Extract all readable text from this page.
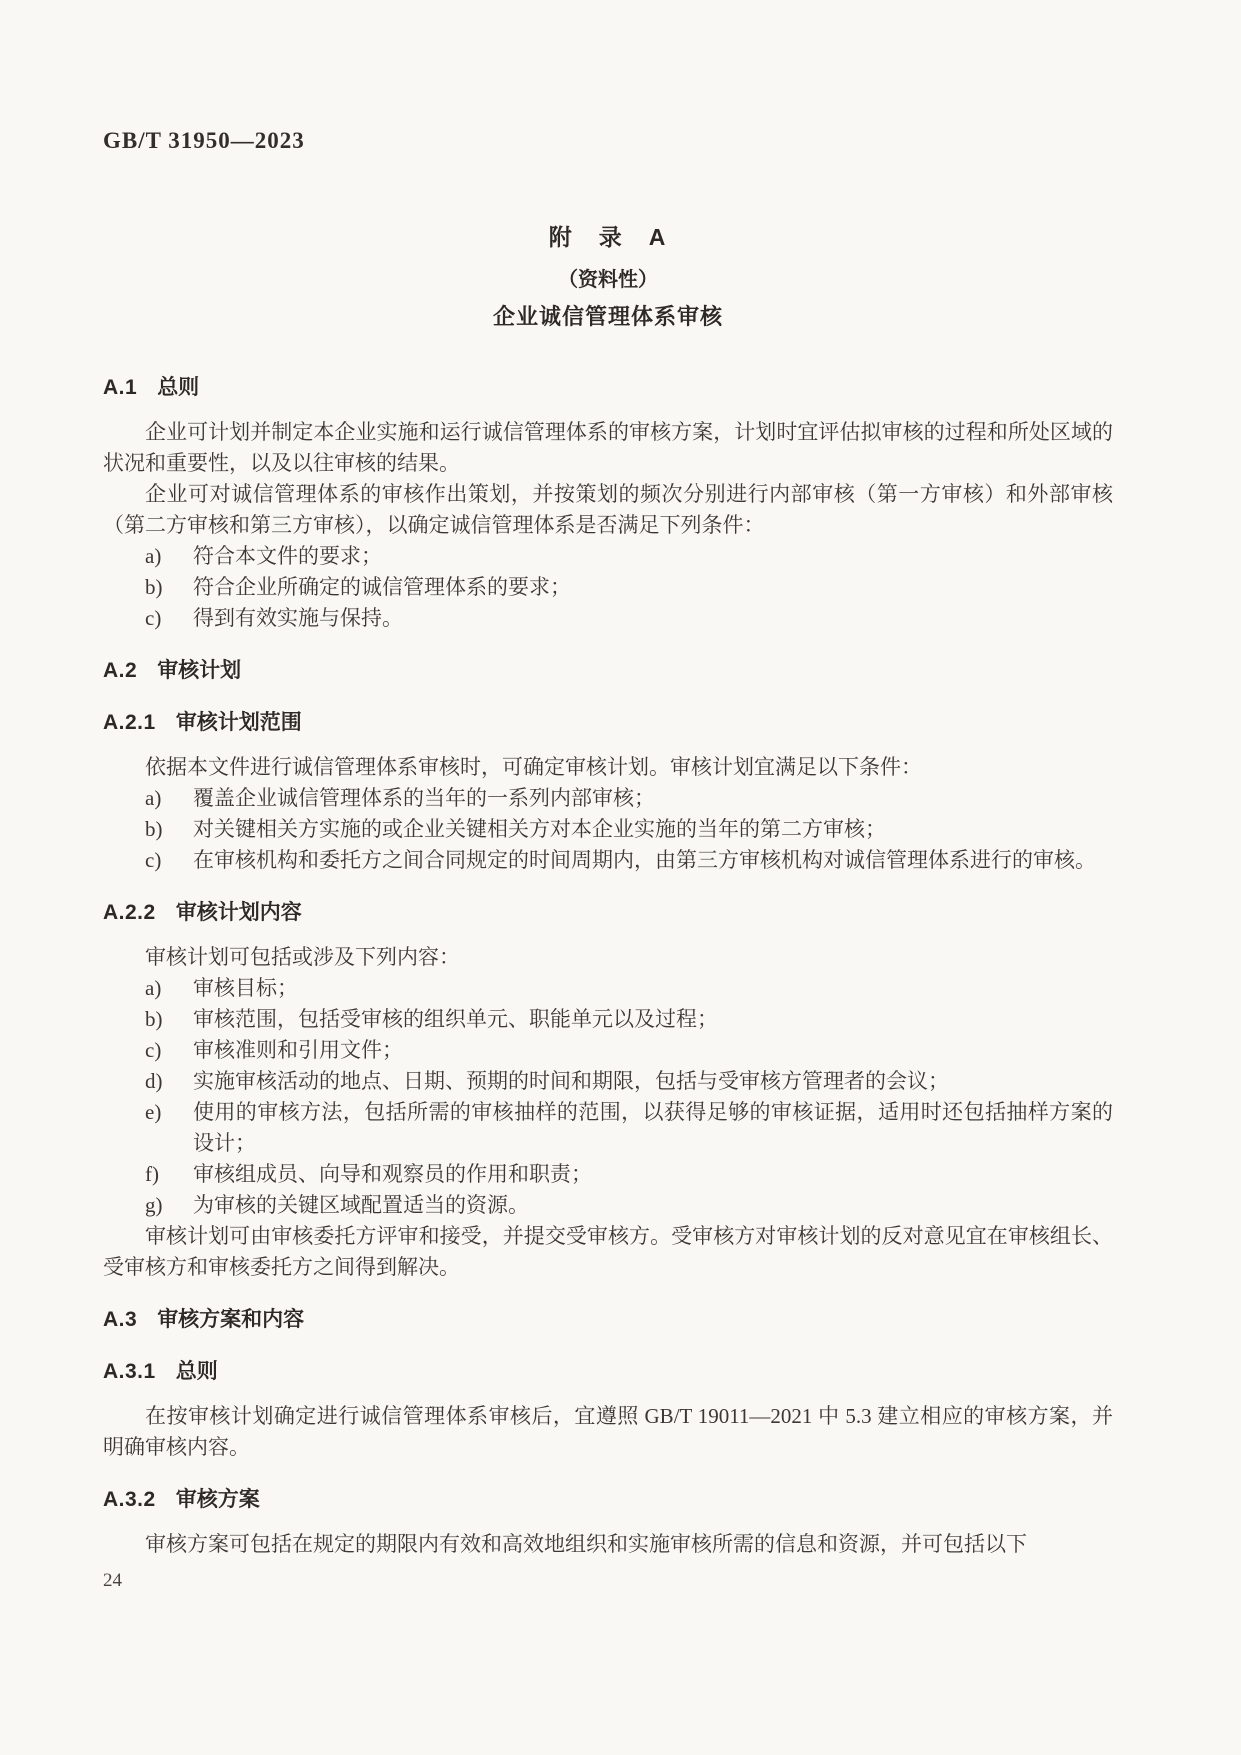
GB/T 31950—2023
附　录　A
（资料性）
企业诚信管理体系审核
A.1 总则

企业可计划并制定本企业实施和运行诚信管理体系的审核方案，计划时宜评估拟审核的过程和所处区域的状况和重要性，以及以往审核的结果。

企业可对诚信管理体系的审核作出策划，并按策划的频次分别进行内部审核（第一方审核）和外部审核（第二方审核和第三方审核），以确定诚信管理体系是否满足下列条件：

a)	符合本文件的要求；
b)	符合企业所确定的诚信管理体系的要求；
c)	得到有效实施与保持。
A.2 审核计划
A.2.1 审核计划范围

依据本文件进行诚信管理体系审核时，可确定审核计划。审核计划宜满足以下条件：

a)	覆盖企业诚信管理体系的当年的一系列内部审核；
b)	对关键相关方实施的或企业关键相关方对本企业实施的当年的第二方审核；
c)	在审核机构和委托方之间合同规定的时间周期内，由第三方审核机构对诚信管理体系进行的审核。
A.2.2 审核计划内容

审核计划可包括或涉及下列内容：

a)	审核目标；
b)	审核范围，包括受审核的组织单元、职能单元以及过程；
c)	审核准则和引用文件；
d)	实施审核活动的地点、日期、预期的时间和期限，包括与受审核方管理者的会议；
e)	使用的审核方法，包括所需的审核抽样的范围，以获得足够的审核证据，适用时还包括抽样方案的设计；
f)	审核组成员、向导和观察员的作用和职责；
g)	为审核的关键区域配置适当的资源。

审核计划可由审核委托方评审和接受，并提交受审核方。受审核方对审核计划的反对意见宜在审核组长、受审核方和审核委托方之间得到解决。

A.3 审核方案和内容
A.3.1 总则

在按审核计划确定进行诚信管理体系审核后，宜遵照 GB/T 19011—2021 中 5.3 建立相应的审核方案，并明确审核内容。

A.3.2 审核方案

审核方案可包括在规定的期限内有效和高效地组织和实施审核所需的信息和资源，并可包括以下

24
